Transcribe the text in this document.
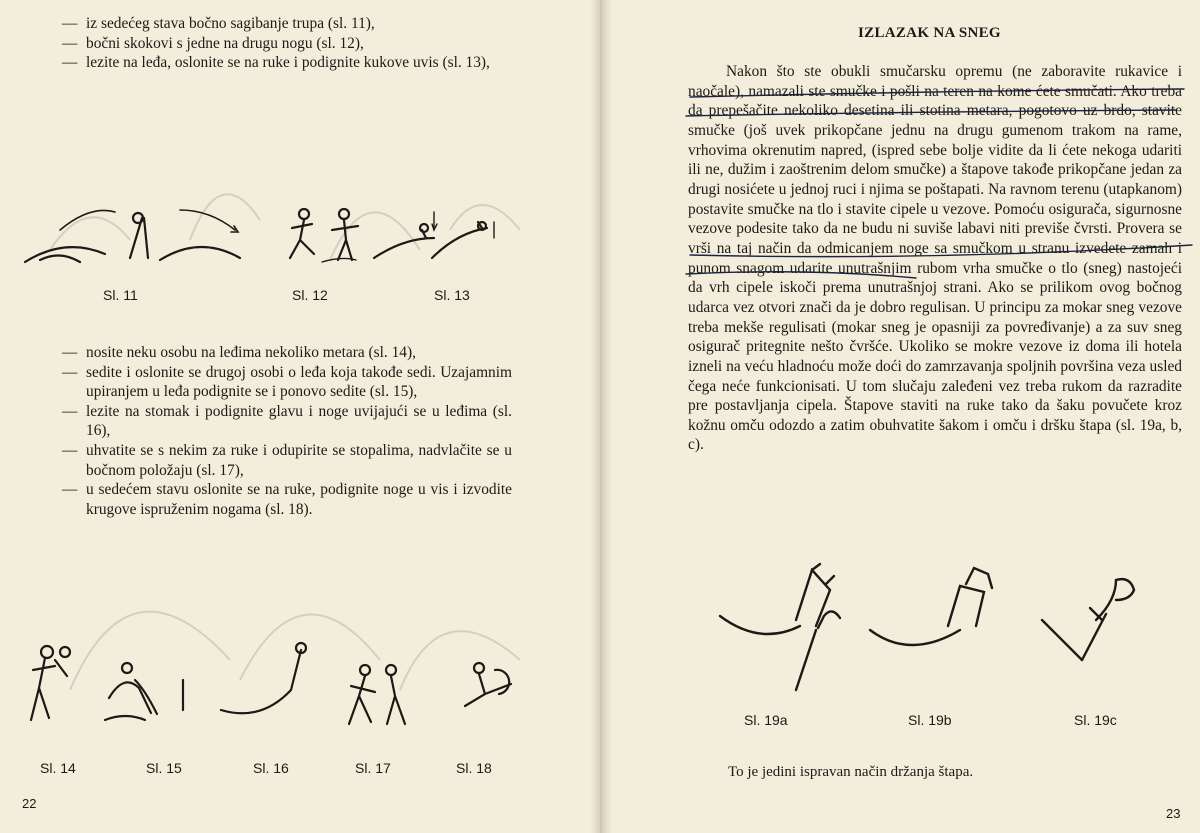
— iz sedećeg stava bočno sagibanje trupa (sl. 11),
— bočni skokovi s jedne na drugu nogu (sl. 12),
— lezite na leđa, oslonite se na ruke i podignite kukove uvis (sl. 13),
Sl. 11	Sl. 12	Sl. 13
— nosite neku osobu na leđima nekoliko metara (sl. 14),
— sedite i oslonite se drugoj osobi o leđa koja takođe sedi. Uzajamnim upiranjem u leđa podignite se i ponovo sedite (sl. 15),
— lezite na stomak i podignite glavu i noge uvijajući se u leđima (sl. 16),
— uhvatite se s nekim za ruke i odupirite se stopalima, nadvlačite se u bočnom položaju (sl. 17),
— u sedećem stavu oslonite se na ruke, podignite noge u vis i izvodite krugove ispruženim nogama (sl. 18).
Sl. 14	Sl. 15	Sl. 16	Sl. 17	Sl. 18
22
IZLAZAK NA SNEG
Nakon što ste obukli smučarsku opremu (ne zaboravite rukavice i naočale), namazali ste smučke i pošli na teren na kome ćete smučati. Ako treba da prepešačite nekoliko desetina ili stotina metara, pogotovo uz brdo, stavite smučke (još uvek prikopčane jednu na drugu gumenom trakom na rame, vrhovima okrenutim napred, (ispred sebe bolje vidite da li ćete nekoga udariti ili ne, dužim i zaoštrenim delom smučke) a štapove takođe prikopčane jedan za drugi nosićete u jednoj ruci i njima se poštapati. Na ravnom terenu (utapkanom) postavite smučke na tlo i stavite cipele u vezove. Pomoću osigurača, sigurnosne vezove podesite tako da ne budu ni suviše labavi niti previše čvrsti. Provera se vrši na taj način da odmicanjem noge sa smučkom u stranu izvedete zamah i punom snagom udarite unutrašnjim rubom vrha smučke o tlo (sneg) nastojeći da vrh cipele iskoči prema unutrašnjoj strani. Ako se prilikom ovog bočnog udarca vez otvori znači da je dobro regulisan. U principu za mokar sneg vezove treba mekše regulisati (mokar sneg je opasniji za povređivanje) a za suv sneg osigurač pritegnite nešto čvršće. Ukoliko se mokre vezove iz doma ili hotela izneli na veću hladnoću može doći do zamrzavanja spoljnih površina veza usled čega neće funkcionisati. U tom slučaju zaleđeni vez treba rukom da razradite pre postavljanja cipela. Štapove staviti na ruke tako da šaku povučete kroz kožnu omču odozdo a zatim obuhvatite šakom i omču i dršku štapa (sl. 19a, b, c).
Sl. 19a	Sl. 19b	Sl. 19c
To je jedini ispravan način držanja štapa.
23
